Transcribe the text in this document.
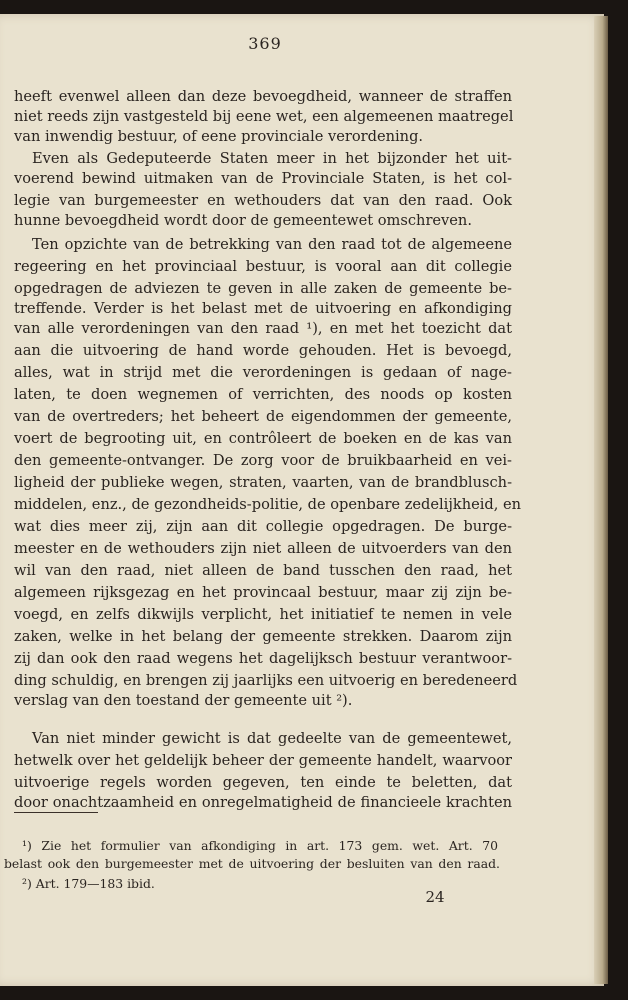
369
heeft evenwel alleen dan deze bevoegdheid, wanneer de straffen
niet reeds zijn vastgesteld bij eene wet, een algemeenen maatregel
van inwendig bestuur, of eene provinciale verordening.
Even als Gedeputeerde Staten meer in het bijzonder het uit-
voerend bewind uitmaken van de Provinciale Staten, is het col-
legie van burgemeester en wethouders dat van den raad. Ook
hunne bevoegdheid wordt door de gemeentewet omschreven.
Ten opzichte van de betrekking van den raad tot de algemeene
regeering en het provinciaal bestuur, is vooral aan dit collegie
opgedragen de adviezen te geven in alle zaken de gemeente be-
treffende. Verder is het belast met de uitvoering en afkondiging
van alle verordeningen van den raad ¹), en met het toezicht dat
aan die uitvoering de hand worde gehouden. Het is bevoegd,
alles, wat in strijd met die verordeningen is gedaan of nage-
laten, te doen wegnemen of verrichten, des noods op kosten
van de overtreders; het beheert de eigendommen der gemeente,
voert de begrooting uit, en contrôleert de boeken en de kas van
den gemeente-ontvanger. De zorg voor de bruikbaarheid en vei-
ligheid der publieke wegen, straten, vaarten, van de brandblusch-
middelen, enz., de gezondheids-politie, de openbare zedelijkheid, en
wat dies meer zij, zijn aan dit collegie opgedragen. De burge-
meester en de wethouders zijn niet alleen de uitvoerders van den
wil van den raad, niet alleen de band tusschen den raad, het
algemeen rijksgezag en het provincaal bestuur, maar zij zijn be-
voegd, en zelfs dikwijls verplicht, het initiatief te nemen in vele
zaken, welke in het belang der gemeente strekken. Daarom zijn
zij dan ook den raad wegens het dagelijksch bestuur verantwoor-
ding schuldig, en brengen zij jaarlijks een uitvoerig en beredeneerd
verslag van den toestand der gemeente uit ²).
Van niet minder gewicht is dat gedeelte van de gemeentewet,
hetwelk over het geldelijk beheer der gemeente handelt, waarvoor
uitvoerige regels worden gegeven, ten einde te beletten, dat
door onachtzaamheid en onregelmatigheid de financieele krachten
¹) Zie het formulier van afkondiging in art. 173 gem. wet. Art. 70
belast ook den burgemeester met de uitvoering der besluiten van den raad.
²) Art. 179—183 ibid.
24
